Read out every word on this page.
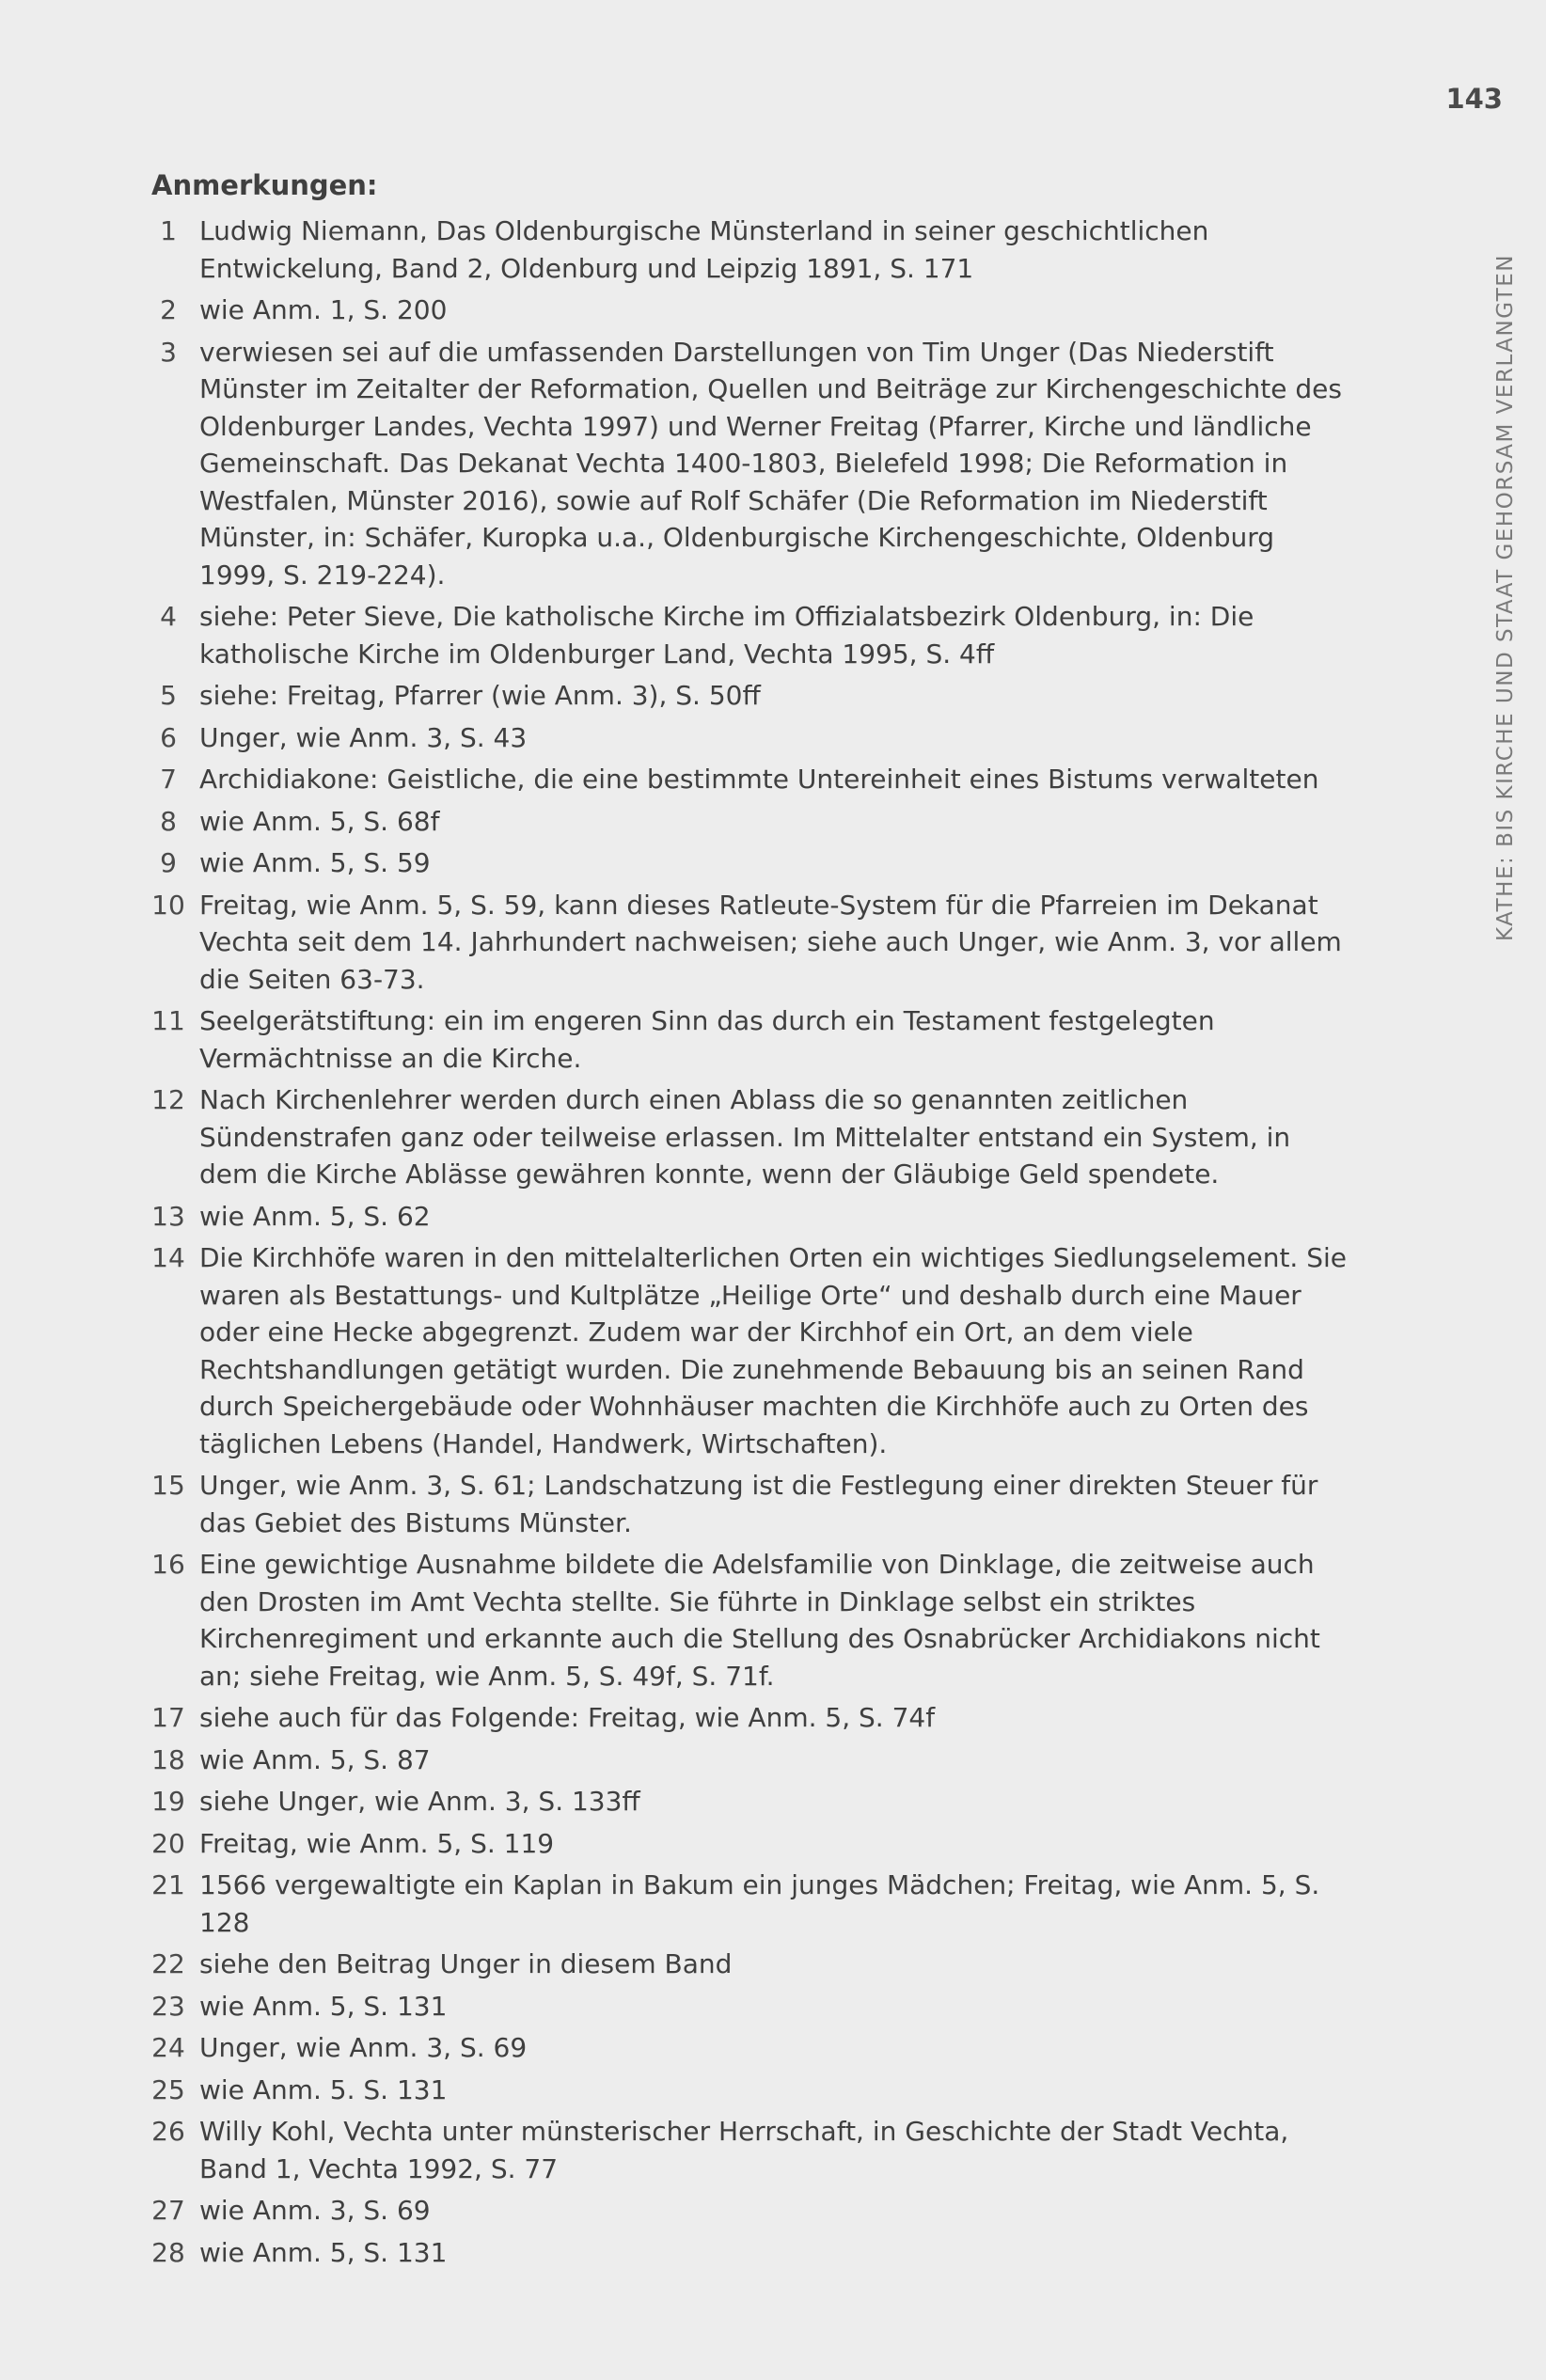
143
KATHE: BIS KIRCHE UND STAAT GEHORSAM VERLANGTEN
Anmerkungen:
1 Ludwig Niemann, Das Oldenburgische Münsterland in seiner geschichtlichen Entwickelung, Band 2, Oldenburg und Leipzig 1891, S. 171
2 wie Anm. 1, S. 200
3 verwiesen sei auf die umfassenden Darstellungen von Tim Unger (Das Niederstift Münster im Zeitalter der Reformation, Quellen und Beiträge zur Kirchengeschichte des Oldenburger Landes, Vechta 1997) und Werner Freitag (Pfarrer, Kirche und ländliche Gemeinschaft. Das Dekanat Vechta 1400-1803, Bielefeld 1998; Die Reformation in Westfalen, Münster 2016), sowie auf Rolf Schäfer (Die Reformation im Niederstift Münster, in: Schäfer, Kuropka u.a., Oldenburgische Kirchengeschichte, Oldenburg 1999, S. 219-224).
4 siehe: Peter Sieve, Die katholische Kirche im Offizialatsbezirk Oldenburg, in: Die katholische Kirche im Oldenburger Land, Vechta 1995, S. 4ff
5 siehe: Freitag, Pfarrer (wie Anm. 3), S. 50ff
6 Unger, wie Anm. 3, S. 43
7 Archidiakone: Geistliche, die eine bestimmte Untereinheit eines Bistums verwalteten
8 wie Anm. 5, S. 68f
9 wie Anm. 5, S. 59
10 Freitag, wie Anm. 5, S. 59, kann dieses Ratleute-System für die Pfarreien im Dekanat Vechta seit dem 14. Jahrhundert nachweisen; siehe auch Unger, wie Anm. 3, vor allem die Seiten 63-73.
11 Seelgerätstiftung: ein im engeren Sinn das durch ein Testament festgelegten Vermächtnisse an die Kirche.
12 Nach Kirchenlehrer werden durch einen Ablass die so genannten zeitlichen Sündenstrafen ganz oder teilweise erlassen. Im Mittelalter entstand ein System, in dem die Kirche Ablässe gewähren konnte, wenn der Gläubige Geld spendete.
13 wie Anm. 5, S. 62
14 Die Kirchhöfe waren in den mittelalterlichen Orten ein wichtiges Siedlungselement. Sie waren als Bestattungs- und Kultplätze „Heilige Orte“ und deshalb durch eine Mauer oder eine Hecke abgegrenzt. Zudem war der Kirchhof ein Ort, an dem viele Rechtshandlungen getätigt wurden. Die zunehmende Bebauung bis an seinen Rand durch Speichergebäude oder Wohnhäuser machten die Kirchhöfe auch zu Orten des täglichen Lebens (Handel, Handwerk, Wirtschaften).
15 Unger, wie Anm. 3, S. 61; Landschatzung ist die Festlegung einer direkten Steuer für das Gebiet des Bistums Münster.
16 Eine gewichtige Ausnahme bildete die Adelsfamilie von Dinklage, die zeitweise auch den Drosten im Amt Vechta stellte. Sie führte in Dinklage selbst ein striktes Kirchenregiment und erkannte auch die Stellung des Osnabrücker Archidiakons nicht an; siehe Freitag, wie Anm. 5, S. 49f, S. 71f.
17 siehe auch für das Folgende: Freitag, wie Anm. 5, S. 74f
18 wie Anm. 5, S. 87
19 siehe Unger, wie Anm. 3, S. 133ff
20 Freitag, wie Anm. 5, S. 119
21 1566 vergewaltigte ein Kaplan in Bakum ein junges Mädchen; Freitag, wie Anm. 5, S. 128
22 siehe den Beitrag Unger in diesem Band
23 wie Anm. 5, S. 131
24 Unger, wie Anm. 3, S. 69
25 wie Anm. 5. S. 131
26 Willy Kohl, Vechta unter münsterischer Herrschaft, in Geschichte der Stadt Vechta, Band 1, Vechta 1992, S. 77
27 wie Anm. 3, S. 69
28 wie Anm. 5, S. 131
